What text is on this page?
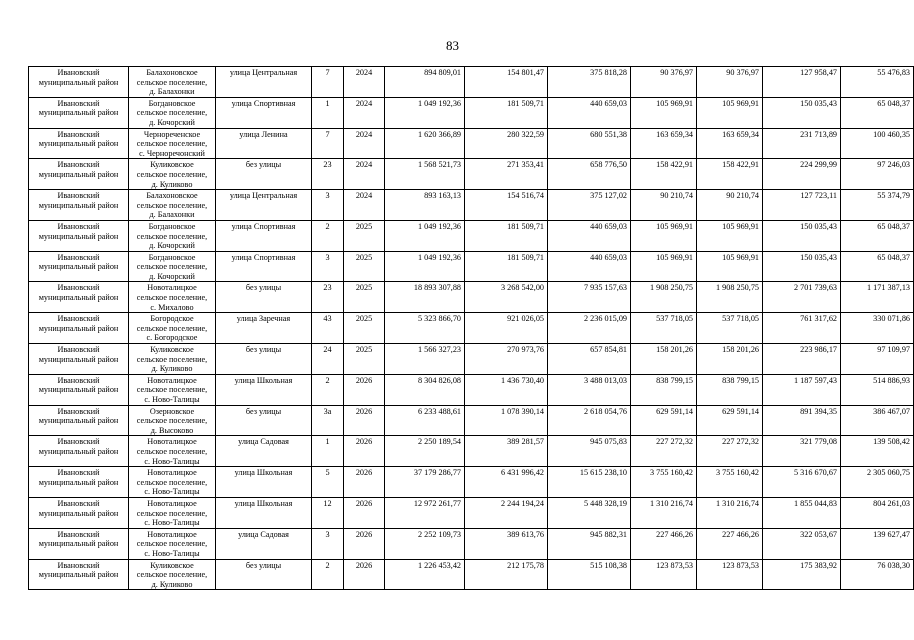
83
Ивановский
муниципальный район	Балахоновское
сельское поселение,
д. Балахонки	улица Центральная	7	2024	894 809,01	154 801,47	375 818,28	90 376,97	90 376,97	127 958,47	55 476,83

Ивановский
муниципальный район	Богдановское
сельское поселение,
д. Кочорский	улица Спортивная	1	2024	1 049 192,36	181 509,71	440 659,03	105 969,91	105 969,91	150 035,43	65 048,37

Ивановский
муниципальный район	Чернореченское
сельское поселение,
с. Черноречонский	улица Ленина	7	2024	1 620 366,89	280 322,59	680 551,38	163 659,34	163 659,34	231 713,89	100 460,35

Ивановский
муниципальный район	Куликовское
сельское поселение,
д. Куликово	без улицы	23	2024	1 568 521,73	271 353,41	658 776,50	158 422,91	158 422,91	224 299,99	97 246,03

Ивановский
муниципальный район	Балахоновское
сельское поселение,
д. Балахонки	улица Центральная	3	2024	893 163,13	154 516,74	375 127,02	90 210,74	90 210,74	127 723,11	55 374,79

Ивановский
муниципальный район	Богдановское
сельское поселение,
д. Кочорский	улица Спортивная	2	2025	1 049 192,36	181 509,71	440 659,03	105 969,91	105 969,91	150 035,43	65 048,37

Ивановский
муниципальный район	Богдановское
сельское поселение,
д. Кочорский	улица Спортивная	3	2025	1 049 192,36	181 509,71	440 659,03	105 969,91	105 969,91	150 035,43	65 048,37

Ивановский
муниципальный район	Новоталицкое
сельское поселение,
с. Михалово	без улицы	23	2025	18 893 307,88	3 268 542,00	7 935 157,63	1 908 250,75	1 908 250,75	2 701 739,63	1 171 387,13

Ивановский
муниципальный район	Богородское
сельское поселение,
с. Богородское	улица Заречная	43	2025	5 323 866,70	921 026,05	2 236 015,09	537 718,05	537 718,05	761 317,62	330 071,86

Ивановский
муниципальный район	Куликовское
сельское поселение,
д. Куликово	без улицы	24	2025	1 566 327,23	270 973,76	657 854,81	158 201,26	158 201,26	223 986,17	97 109,97

Ивановский
муниципальный район	Новоталицкое
сельское поселение,
с. Ново-Талицы	улица Школьная	2	2026	8 304 826,08	1 436 730,40	3 488 013,03	838 799,15	838 799,15	1 187 597,43	514 886,93

Ивановский
муниципальный район	Озерновское
сельское поселение,
д. Высоково	без улицы	3а	2026	6 233 488,61	1 078 390,14	2 618 054,76	629 591,14	629 591,14	891 394,35	386 467,07

Ивановский
муниципальный район	Новоталицкое
сельское поселение,
с. Ново-Талицы	улица Садовая	1	2026	2 250 189,54	389 281,57	945 075,83	227 272,32	227 272,32	321 779,08	139 508,42

Ивановский
муниципальный район	Новоталицкое
сельское поселение,
с. Ново-Талицы	улица Школьная	5	2026	37 179 286,77	6 431 996,42	15 615 238,10	3 755 160,42	3 755 160,42	5 316 670,67	2 305 060,75

Ивановский
муниципальный район	Новоталицкое
сельское поселение,
с. Ново-Талицы	улица Школьная	12	2026	12 972 261,77	2 244 194,24	5 448 328,19	1 310 216,74	1 310 216,74	1 855 044,83	804 261,03

Ивановский
муниципальный район	Новоталицкое
сельское поселение,
с. Ново-Талицы	улица Садовая	3	2026	2 252 109,73	389 613,76	945 882,31	227 466,26	227 466,26	322 053,67	139 627,47

Ивановский
муниципальный район	Куликовское
сельское поселение,
д. Куликово	без улицы	2	2026	1 226 453,42	212 175,78	515 108,38	123 873,53	123 873,53	175 383,92	76 038,30
